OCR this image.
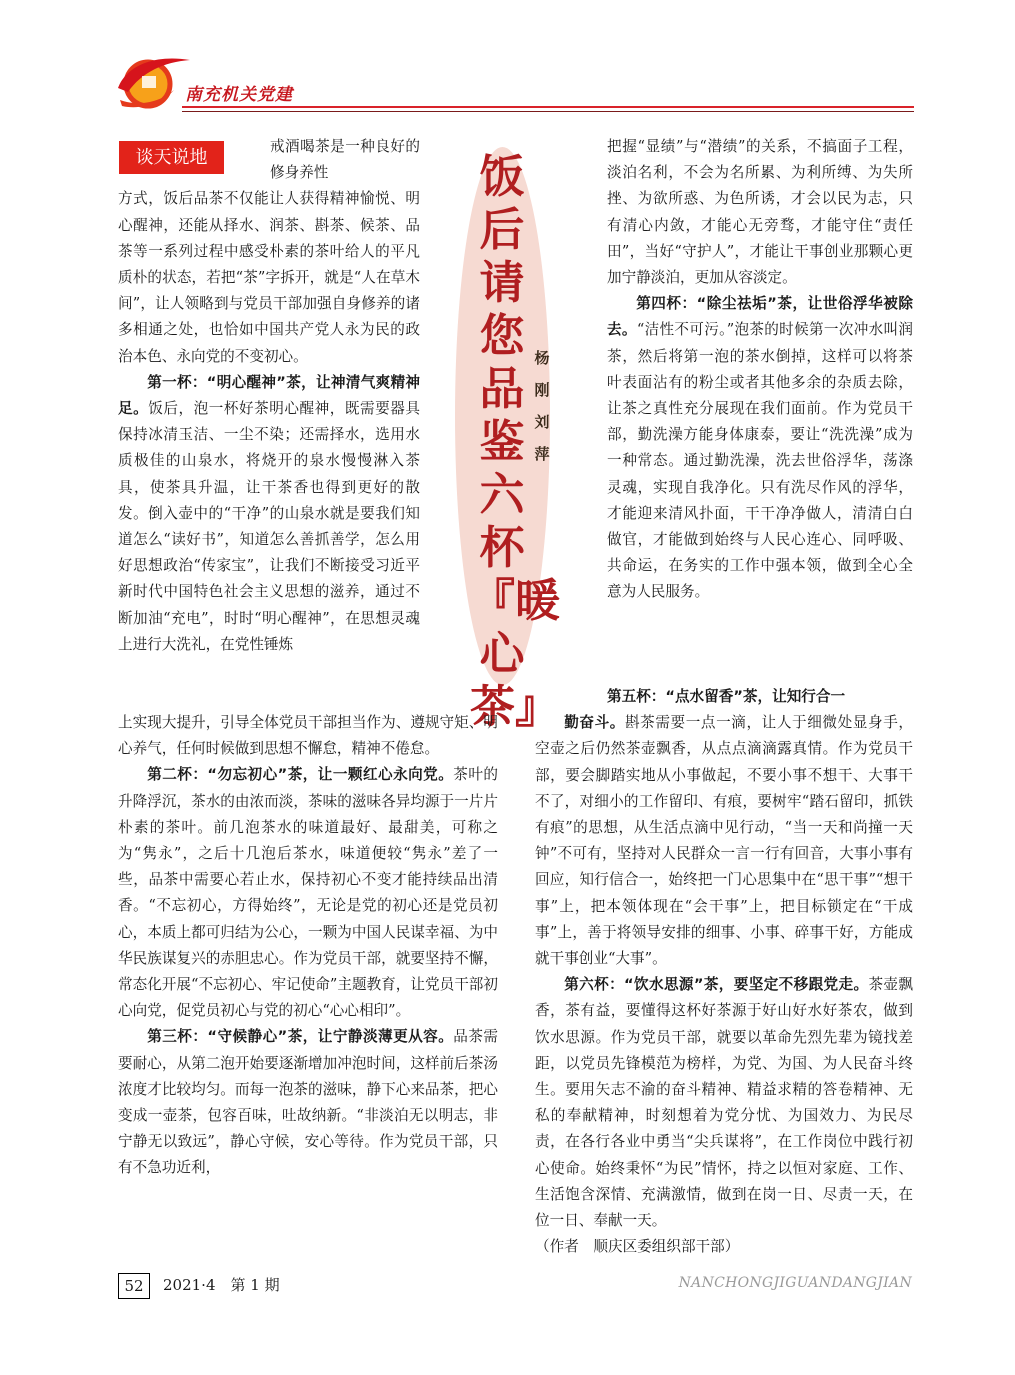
南充机关党建
谈天说地

戒酒喝茶是一种良好的修身养性

方式，饭后品茶不仅能让人获得精神愉悦、明心醒神，还能从择水、润茶、斟茶、候茶、品茶等一系列过程中感受朴素的茶叶给人的平凡质朴的状态，若把“茶”字拆开，就是“人在草木间”，让人领略到与党员干部加强自身修养的诸多相通之处，也恰如中国共产党人永为民的政治本色、永向党的不变初心。

第一杯：“明心醒神”茶，让神清气爽精神足。饭后，泡一杯好茶明心醒神，既需要器具保持冰清玉洁、一尘不染；还需择水，选用水质极佳的山泉水，将烧开的泉水慢慢淋入茶具，使茶具升温，让干茶香也得到更好的散发。倒入壶中的“干净”的山泉水就是要我们知道怎么“读好书”，知道怎么善抓善学，怎么用好思想政治“传家宝”，让我们不断接受习近平新时代中国特色社会主义思想的滋养，通过不断加油“充电”，时时“明心醒神”，在思想灵魂上进行大洗礼，在党性锤炼

饭后请您品鉴六杯『暖心茶』
杨刚刘萍

上实现大提升，引导全体党员干部担当作为、遵规守矩、明心养气，任何时候做到思想不懈怠，精神不倦怠。

第二杯：“勿忘初心”茶，让一颗红心永向党。茶叶的升降浮沉，茶水的由浓而淡，茶味的滋味各异均源于一片片朴素的茶叶。前几泡茶水的味道最好、最甜美，可称之为“隽永”，之后十几泡后茶水，味道便较“隽永”差了一些，品茶中需要心若止水，保持初心不变才能持续品出清香。“不忘初心，方得始终”，无论是党的初心还是党员初心，本质上都可归结为公心，一颗为中国人民谋幸福、为中华民族谋复兴的赤胆忠心。作为党员干部，就要坚持不懈，常态化开展“不忘初心、牢记使命”主题教育，让党员干部初心向党，促党员初心与党的初心“心心相印”。

第三杯：“守候静心”茶，让宁静淡薄更从容。品茶需要耐心，从第二泡开始要逐渐增加冲泡时间，这样前后茶汤浓度才比较均匀。而每一泡茶的滋味，静下心来品茶，把心变成一壶茶，包容百味，吐故纳新。“非淡泊无以明志，非宁静无以致远”，静心守候，安心等待。作为党员干部，只有不急功近利，

把握“显绩”与“潜绩”的关系，不搞面子工程，淡泊名利，不会为名所累、为利所缚、为失所挫、为欲所惑、为色所诱，才会以民为志，只有清心内敛，才能心无旁骛，才能守住“责任田”，当好“守护人”，才能让干事创业那颗心更加宁静淡泊，更加从容淡定。

第四杯：“除尘祛垢”茶，让世俗浮华被除去。“洁性不可污。”泡茶的时候第一次冲水叫润茶，然后将第一泡的茶水倒掉，这样可以将茶叶表面沾有的粉尘或者其他多余的杂质去除，让茶之真性充分展现在我们面前。作为党员干部，勤洗澡方能身体康泰，要让“洗洗澡”成为一种常态。通过勤洗澡，洗去世俗浮华，荡涤灵魂，实现自我净化。只有洗尽作风的浮华，才能迎来清风扑面，干干净净做人，清清白白做官，才能做到始终与人民心连心、同呼吸、共命运，在务实的工作中强本领，做到全心全意为人民服务。

第五杯：“点水留香”茶，让知行合一

勤奋斗。斟茶需要一点一滴，让人于细微处显身手，空壶之后仍然茶壶飘香，从点点滴滴露真情。作为党员干部，要会脚踏实地从小事做起，不要小事不想干、大事干不了，对细小的工作留印、有痕，要树牢“踏石留印，抓铁有痕”的思想，从生活点滴中见行动，“当一天和尚撞一天钟”不可有，坚持对人民群众一言一行有回音，大事小事有回应，知行信合一，始终把一门心思集中在“思干事”“想干事”上，把本领体现在“会干事”上，把目标锁定在“干成事”上，善于将领导安排的细事、小事、碎事干好，方能成就干事创业“大事”。

第六杯：“饮水思源”茶，要坚定不移跟党走。茶壶飘香，茶有益，要懂得这杯好茶源于好山好水好茶农，做到饮水思源。作为党员干部，就要以革命先烈先辈为镜找差距，以党员先锋模范为榜样，为党、为国、为人民奋斗终生。要用矢志不渝的奋斗精神、精益求精的答卷精神、无私的奉献精神，时刻想着为党分忧、为国效力、为民尽责，在各行各业中勇当“尖兵谋将”，在工作岗位中践行初心使命。始终秉怀“为民”情怀，持之以恒对家庭、工作、生活饱含深情、充满激情，做到在岗一日、尽责一天，在位一日、奉献一天。

（作者　顺庆区委组织部干部）

52	2021·4　第 1 期	NANCHONGJIGUANDANGJIAN
